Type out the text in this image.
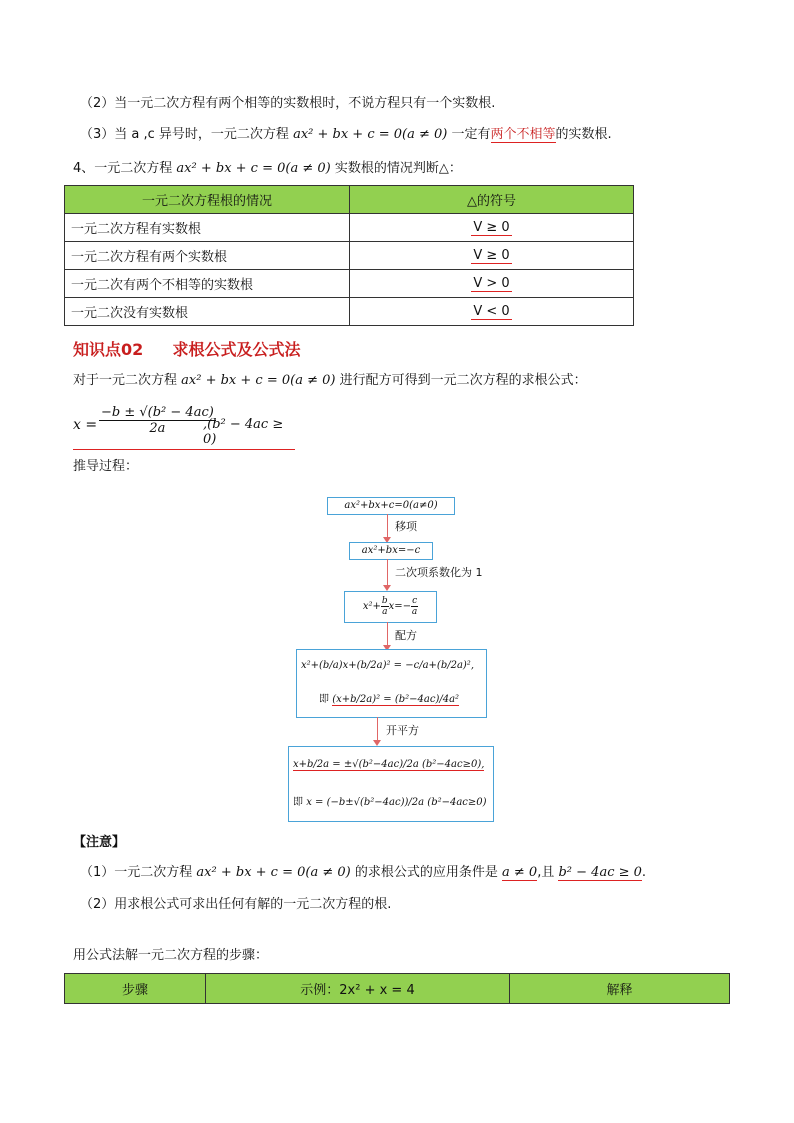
（2）当一元二次方程有两个相等的实数根时，不说方程只有一个实数根.
（3）当 a ,c 异号时，一元二次方程 ax² + bx + c = 0(a ≠ 0) 一定有两个不相等的实数根.
4、一元二次方程 ax² + bx + c = 0(a ≠ 0) 实数根的情况判断△：
一元二次方程根的情况	△的符号
一元二次方程有实数根	V ≥ 0
一元二次方程有两个实数根	V ≥ 0
一元二次有两个不相等的实数根	V > 0
一元二次没有实数根	V < 0
知识点02 求根公式及公式法
对于一元二次方程 ax² + bx + c = 0(a ≠ 0) 进行配方可得到一元二次方程的求根公式：
$x = \frac{\text{−b ± √(b² − 4ac)}}{2a}$
,(b² − 4ac ≥ 0)
推导过程：
ax²+bx+c=0(a≠0)
移项
ax²+bx=−c
二次项系数化为 1
$x^2+ \frac{b}{a} x=- \frac{c}{a}$
配方
x²+(b/a)x+(b/2a)² = −c/a+(b/2a)²,
即 (x+b/2a)² = (b²−4ac)/4a²
开平方
x+b/2a = ±√(b²−4ac)/2a (b²−4ac≥0),
即 x = (−b±√(b²−4ac))/2a (b²−4ac≥0)
【注意】
（1）一元二次方程 ax² + bx + c = 0(a ≠ 0) 的求根公式的应用条件是 a ≠ 0,且 b² − 4ac ≥ 0.
（2）用求根公式可求出任何有解的一元二次方程的根.
用公式法解一元二次方程的步骤：
步骤	示例：2x² + x = 4	解释
